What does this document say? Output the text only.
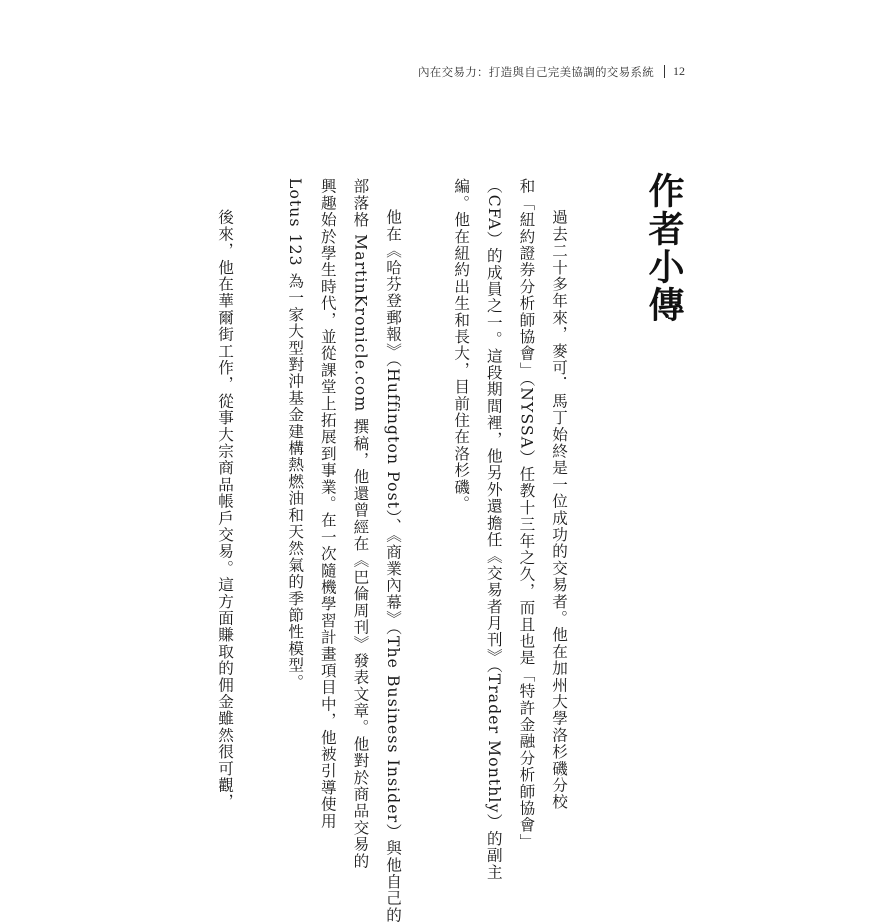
內在交易力：打造與自己完美協調的交易系統	12
作者小傳
過去二十多年來，麥可．馬丁始終是一位成功的交易者。他在加州大學洛杉磯分校
和「紐約證券分析師協會」（NYSSA）任教十三年之久，而且也是「特許金融分析師協會」
（CFA）的成員之一。這段期間裡，他另外還擔任《交易者月刊》（Trader Monthly）的副主
編。他在紐約出生和長大，目前住在洛杉磯。
他在《哈芬登郵報》（Huffington Post）、《商業內幕》（The Business Insider）與他自己的
部落格 MartinKronicle.com 撰稿，他還曾經在《巴倫周刊》發表文章。他對於商品交易的
興趣始於學生時代，並從課堂上拓展到事業。在一次隨機學習計畫項目中，他被引導使用
Lotus 123 為一家大型對沖基金建構熱燃油和天然氣的季節性模型。
後來，他在華爾街工作，從事大宗商品帳戶交易。這方面賺取的佣金雖然很可觀，
